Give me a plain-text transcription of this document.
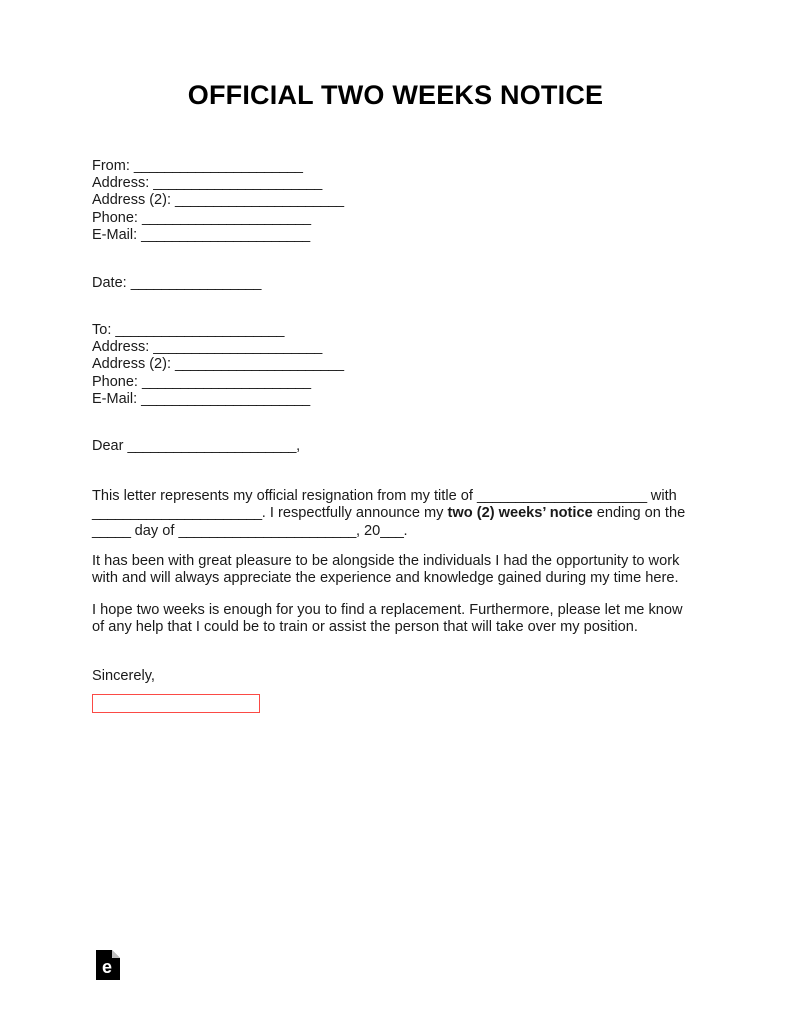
OFFICIAL TWO WEEKS NOTICE
From: ______________________
Address: ______________________
Address (2): ______________________
Phone: ______________________
E-Mail: ______________________
Date: _________________
To: ______________________
Address: ______________________
Address (2): ______________________
Phone: ______________________
E-Mail: ______________________
Dear ______________________,
This letter represents my official resignation from my title of ______________________ with ______________________. I respectfully announce my two (2) weeks’ notice ending on the _____ day of _______________________, 20___.
It has been with great pleasure to be alongside the individuals I had the opportunity to work with and will always appreciate the experience and knowledge gained during my time here.
I hope two weeks is enough for you to find a replacement. Furthermore, please let me know of any help that I could be to train or assist the person that will take over my position.
Sincerely,
e
